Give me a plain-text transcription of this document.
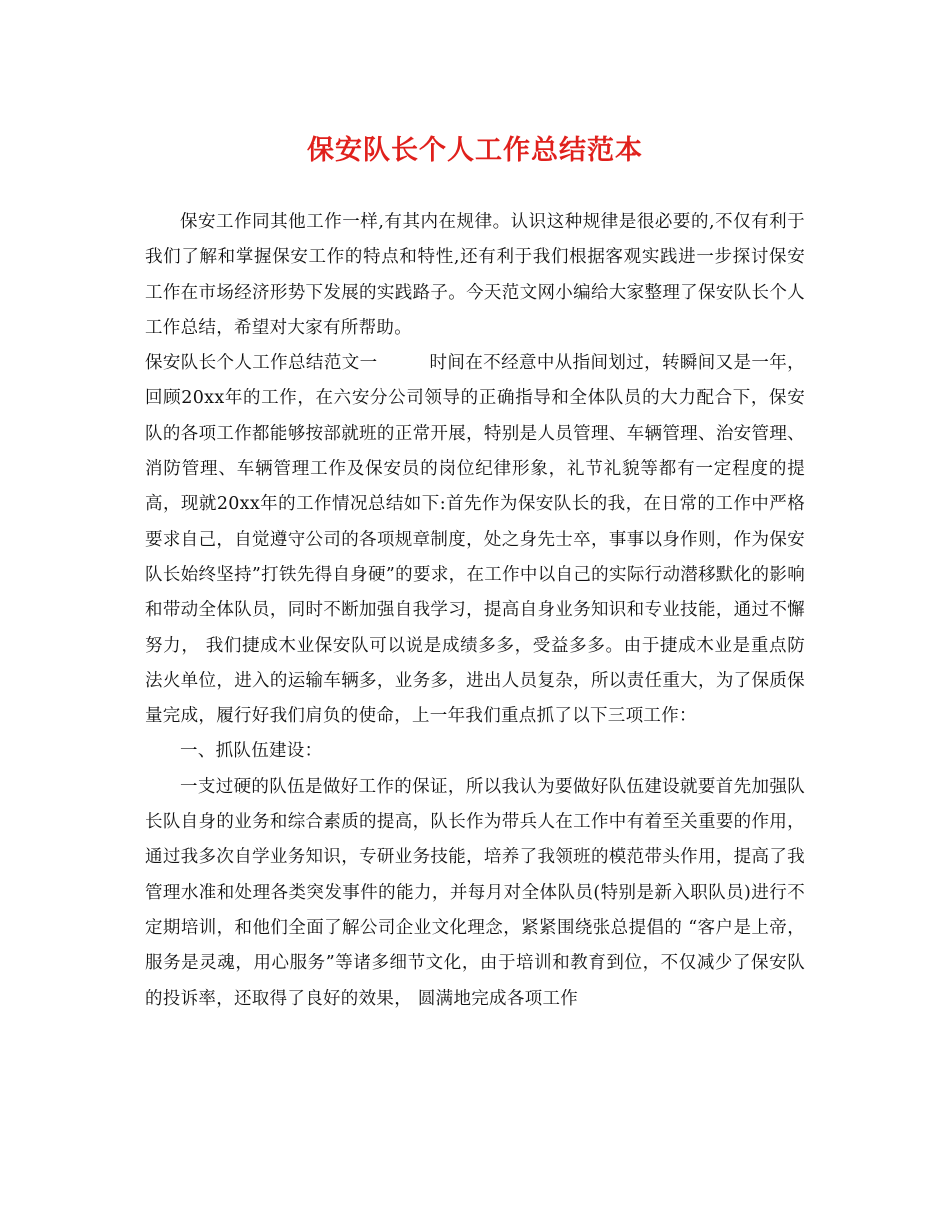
保安队长个人工作总结范本

保安工作同其他工作一样,有其内在规律。认识这种规律是很必要的,不仅有利于我们了解和掌握保安工作的特点和特性,还有利于我们根据客观实践进一步探讨保安工作在市场经济形势下发展的实践路子。今天范文网小编给大家整理了保安队长个人工作总结，希望对大家有所帮助。

保安队长个人工作总结范文一	时间在不经意中从指间划过，转瞬间又是一年，回顾20xx年的工作，在六安分公司领导的正确指导和全体队员的大力配合下，保安队的各项工作都能够按部就班的正常开展，特别是人员管理、车辆管理、治安管理、消防管理、车辆管理工作及保安员的岗位纪律形象，礼节礼貌等都有一定程度的提高，现就20xx年的工作情况总结如下:首先作为保安队长的我，在日常的工作中严格要求自己，自觉遵守公司的各项规章制度，处之身先士卒，事事以身作则，作为保安队长始终坚持”打铁先得自身硬”的要求，在工作中以自己的实际行动潜移默化的影响和带动全体队员，同时不断加强自我学习，提高自身业务知识和专业技能，通过不懈努力， 我们捷成木业保安队可以说是成绩多多，受益多多。由于捷成木业是重点防法火单位，进入的运输车辆多，业务多，进出人员复杂，所以责任重大，为了保质保量完成，履行好我们肩负的使命，上一年我们重点抓了以下三项工作：

一、抓队伍建设：

一支过硬的队伍是做好工作的保证，所以我认为要做好队伍建设就要首先加强队长队自身的业务和综合素质的提高，队长作为带兵人在工作中有着至关重要的作用，通过我多次自学业务知识，专研业务技能，培养了我领班的模范带头作用，提高了我管理水准和处理各类突发事件的能力，并每月对全体队员(特别是新入职队员)进行不定期培训，和他们全面了解公司企业文化理念，紧紧围绕张总提倡的 “客户是上帝，服务是灵魂，用心服务”等诸多细节文化，由于培训和教育到位，不仅减少了保安队的投诉率，还取得了良好的效果， 圆满地完成各项工作
